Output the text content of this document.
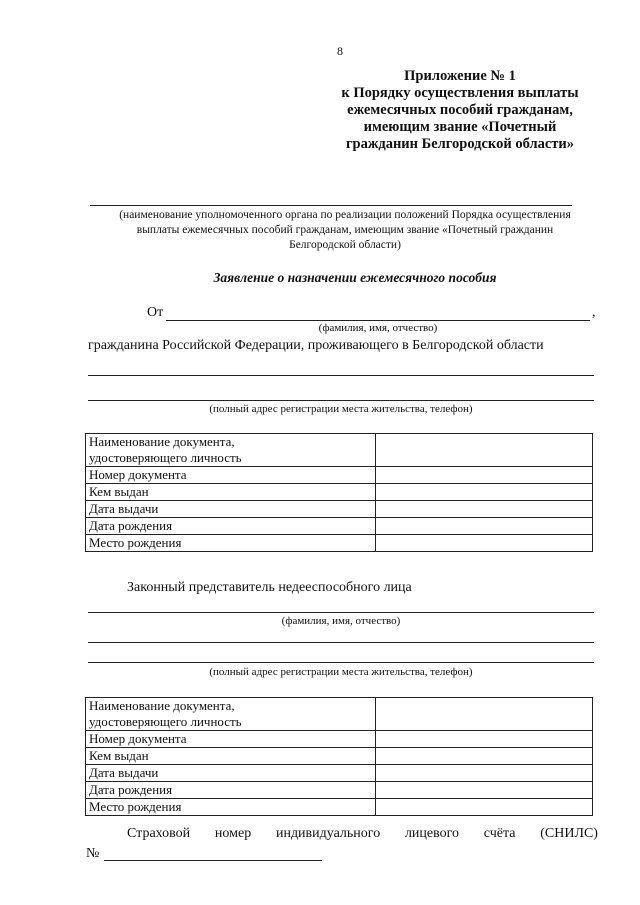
8
Приложение № 1
к Порядку осуществления выплаты
ежемесячных пособий гражданам,
имеющим звание «Почетный
гражданин Белгородской области»
(наименование уполномоченного органа по реализации положений Порядка осуществления
выплаты ежемесячных пособий гражданам, имеющим звание «Почетный гражданин
Белгородской области)
Заявление о назначении ежемесячного пособия
От	,
(фамилия, имя, отчество)
гражданина Российской Федерации, проживающего в Белгородской области
(полный адрес регистрации места жительства, телефон)
Наименование документа,
удостоверяющего личность	

Номер документа	
Кем выдан	
Дата выдачи	
Дата рождения	
Место рождения	
Законный представитель недееспособного лица
(фамилия, имя, отчество)
(полный адрес регистрации места жительства, телефон)
Наименование документа,
удостоверяющего личность	

Номер документа	
Кем выдан	
Дата выдачи	
Дата рождения	
Место рождения	
Страховой номер индивидуального лицевого счёта (СНИЛС)
№
